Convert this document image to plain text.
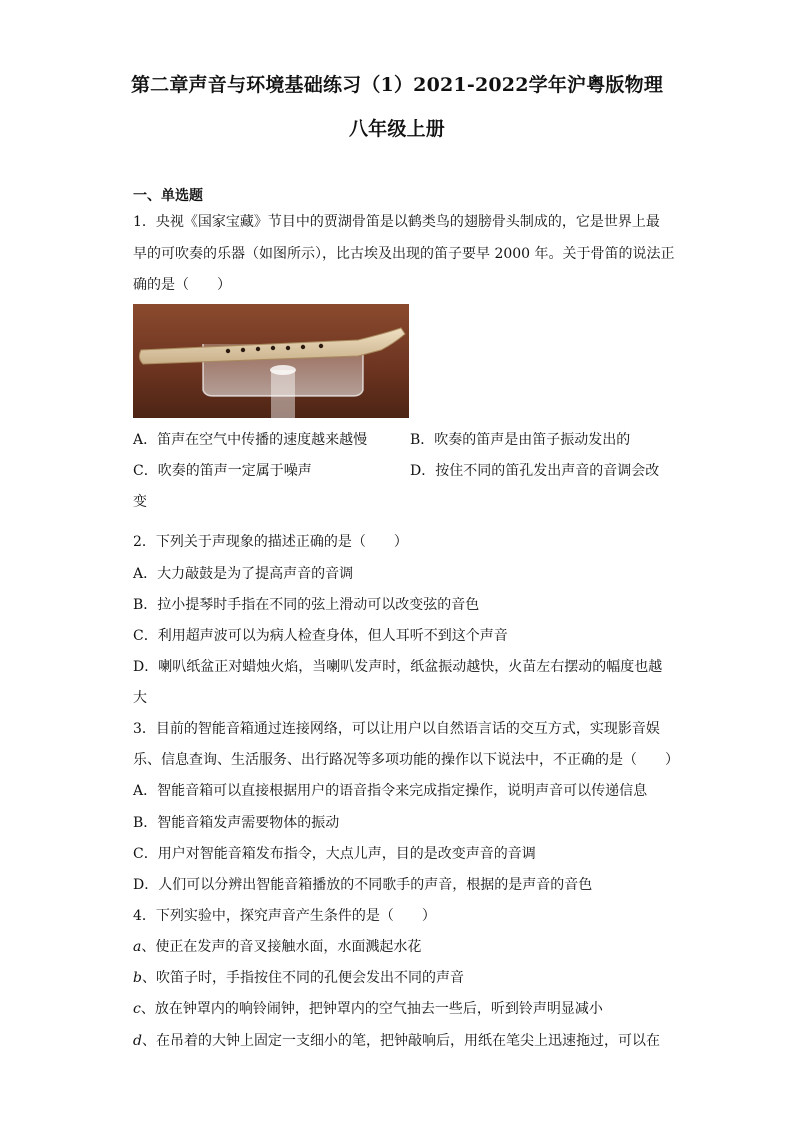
第二章声音与环境基础练习（1）2021-2022学年沪粤版物理
八年级上册
一、单选题
1．央视《国家宝藏》节目中的贾湖骨笛是以鹤类鸟的翅膀骨头制成的，它是世界上最
早的可吹奏的乐器（如图所示），比古埃及出现的笛子要早 2000 年。关于骨笛的说法正
确的是（　　）
A．笛声在空气中传播的速度越来越慢	B．吹奏的笛声是由笛子振动发出的
C．吹奏的笛声一定属于噪声	D．按住不同的笛孔发出声音的音调会改
变
2．下列关于声现象的描述正确的是（　　）
A．大力敲鼓是为了提高声音的音调
B．拉小提琴时手指在不同的弦上滑动可以改变弦的音色
C．利用超声波可以为病人检查身体，但人耳听不到这个声音
D．喇叭纸盆正对蜡烛火焰，当喇叭发声时，纸盆振动越快，火苗左右摆动的幅度也越
大
3．目前的智能音箱通过连接网络，可以让用户以自然语言话的交互方式，实现影音娱
乐、信息查询、生活服务、出行路况等多项功能的操作以下说法中，不正确的是（　　）
A．智能音箱可以直接根据用户的语音指令来完成指定操作，说明声音可以传递信息
B．智能音箱发声需要物体的振动
C．用户对智能音箱发布指令，大点儿声，目的是改变声音的音调
D．人们可以分辨出智能音箱播放的不同歌手的声音，根据的是声音的音色
4．下列实验中，探究声音产生条件的是（　　）
a、使正在发声的音叉接触水面，水面溅起水花
b、吹笛子时，手指按住不同的孔便会发出不同的声音
c、放在钟罩内的响铃闹钟，把钟罩内的空气抽去一些后，听到铃声明显减小
d、在吊着的大钟上固定一支细小的笔，把钟敲响后，用纸在笔尖上迅速拖过，可以在
